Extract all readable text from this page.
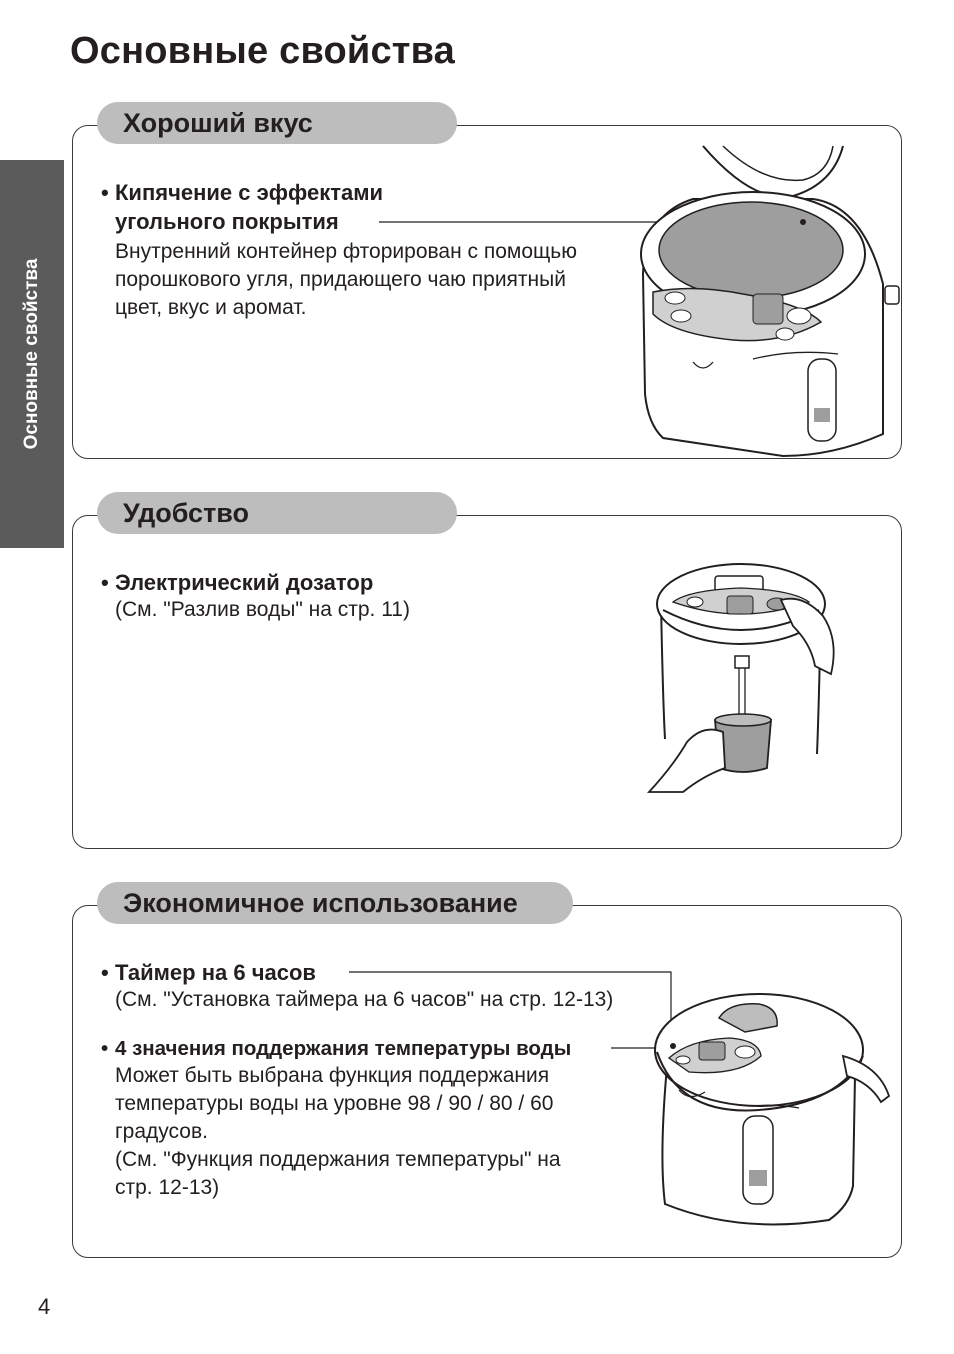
Основные свойства
Основные свойства
Хороший вкус
• Кипячение с эффектами
угольного покрытия
Внутренний контейнер фторирован с помощью
порошкового угля, придающего чаю приятный
цвет, вкус и аромат.
Удобство
• Электрический дозатор
(См. "Разлив воды" на стр. 11)
Экономичное использование
• Таймер на 6 часов
(См. "Установка таймера на 6 часов" на стр. 12-13)
• 4 значения поддержания температуры воды
Может быть выбрана функция поддержания
температуры воды на уровне 98 / 90 / 80 / 60
градусов.
(См. "Функция поддержания температуры" на
стр. 12-13)
4
